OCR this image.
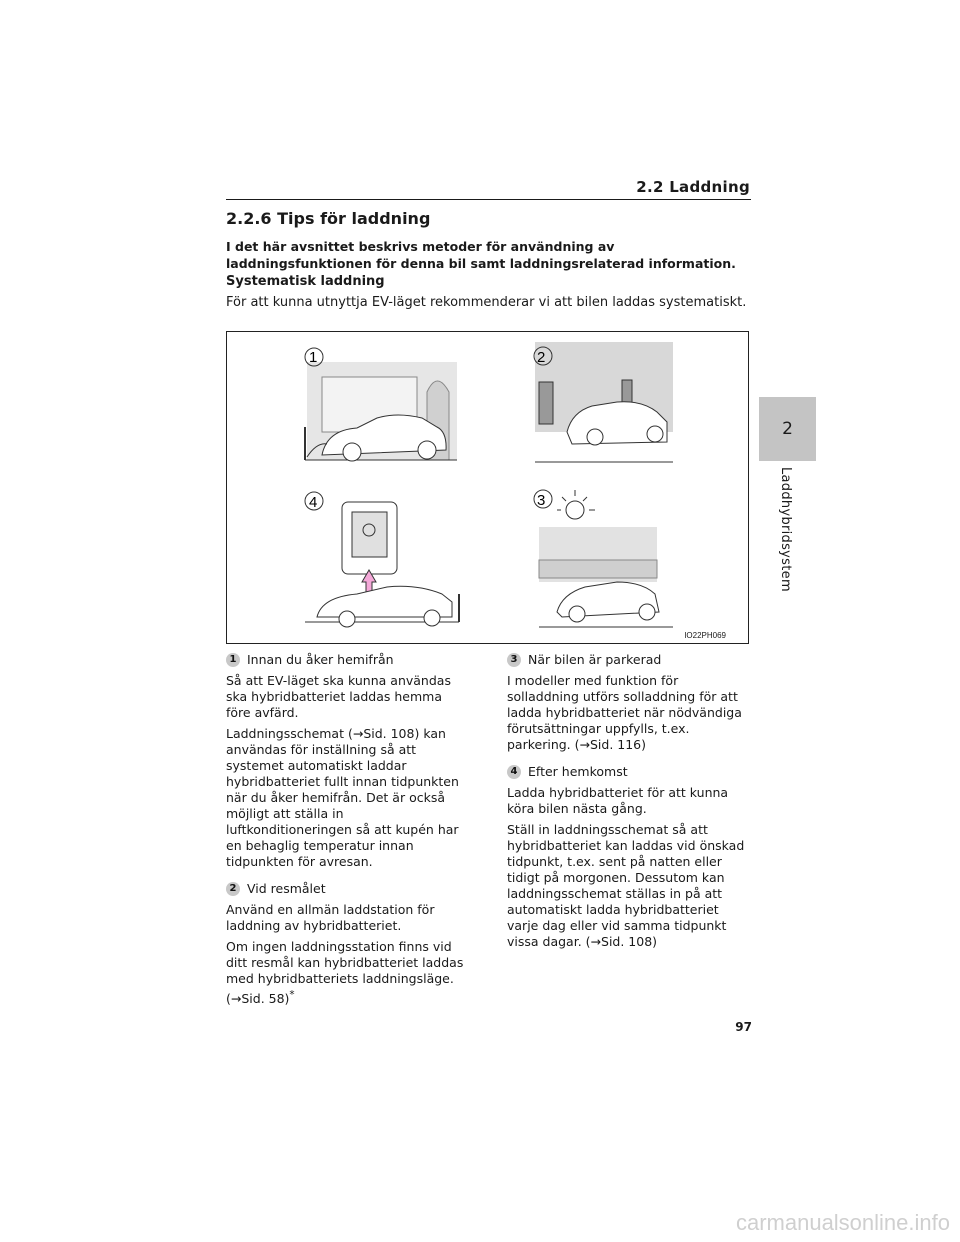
2.2 Laddning
2.2.6 Tips för laddning
I det här avsnittet beskrivs metoder för användning av laddningsfunktionen för denna bil samt laddningsrelaterad information.
Systematisk laddning
För att kunna utnyttja EV-läget rekommenderar vi att bilen laddas systematiskt.
1	2
4	3
IO22PH069
1 Innan du åker hemifrån

Så att EV-läget ska kunna användas ska hybridbatteriet laddas hemma före avfärd.

Laddningsschemat (→Sid. 108) kan användas för inställning så att systemet automatiskt laddar hybridbatteriet fullt innan tidpunkten när du åker hemifrån. Det är också möjligt att ställa in luftkonditioneringen så att kupén har en behaglig temperatur innan tidpunkten för avresan.

2 Vid resmålet

Använd en allmän laddstation för laddning av hybridbatteriet.

Om ingen laddningsstation finns vid ditt resmål kan hybridbatteriet laddas med hybridbatteriets laddningsläge.

(→Sid. 58)*

3 När bilen är parkerad

I modeller med funktion för solladdning utförs solladdning för att ladda hybridbatteriet när nödvändiga förutsättningar uppfylls, t.ex. parkering. (→Sid. 116)

4 Efter hemkomst

Ladda hybridbatteriet för att kunna köra bilen nästa gång.

Ställ in laddningsschemat så att hybridbatteriet kan laddas vid önskad tidpunkt, t.ex. sent på natten eller tidigt på morgonen. Dessutom kan laddningsschemat ställas in på att automatiskt ladda hybridbatteriet varje dag eller vid samma tidpunkt vissa dagar. (→Sid. 108)

2
Laddhybridsystem
97
carmanualsonline.info
